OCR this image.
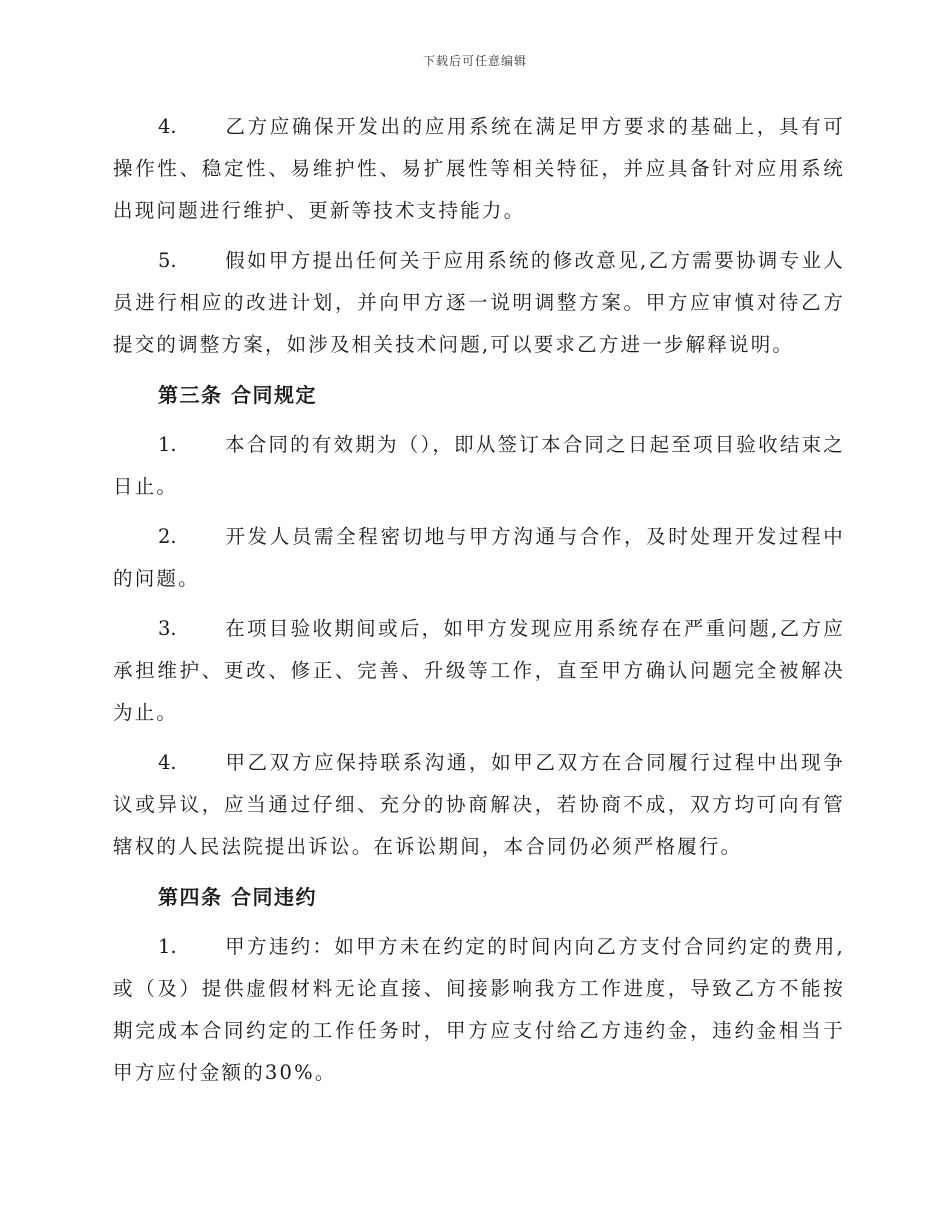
下载后可任意编辑

4. 乙方应确保开发出的应用系统在满足甲方要求的基础上，具有可操作性、稳定性、易维护性、易扩展性等相关特征，并应具备针对应用系统出现问题进行维护、更新等技术支持能力。

5. 假如甲方提出任何关于应用系统的修改意见,乙方需要协调专业人员进行相应的改进计划，并向甲方逐一说明调整方案。甲方应审慎对待乙方提交的调整方案，如涉及相关技术问题,可以要求乙方进一步解释说明。

第三条 合同规定

1. 本合同的有效期为（），即从签订本合同之日起至项目验收结束之日止。

2. 开发人员需全程密切地与甲方沟通与合作，及时处理开发过程中的问题。

3. 在项目验收期间或后，如甲方发现应用系统存在严重问题,乙方应承担维护、更改、修正、完善、升级等工作，直至甲方确认问题完全被解决为止。

4. 甲乙双方应保持联系沟通，如甲乙双方在合同履行过程中出现争议或异议，应当通过仔细、充分的协商解决，若协商不成，双方均可向有管辖权的人民法院提出诉讼。在诉讼期间，本合同仍必须严格履行。

第四条 合同违约

1. 甲方违约：如甲方未在约定的时间内向乙方支付合同约定的费用,或（及）提供虚假材料无论直接、间接影响我方工作进度，导致乙方不能按期完成本合同约定的工作任务时，甲方应支付给乙方违约金，违约金相当于甲方应付金额的30%。
